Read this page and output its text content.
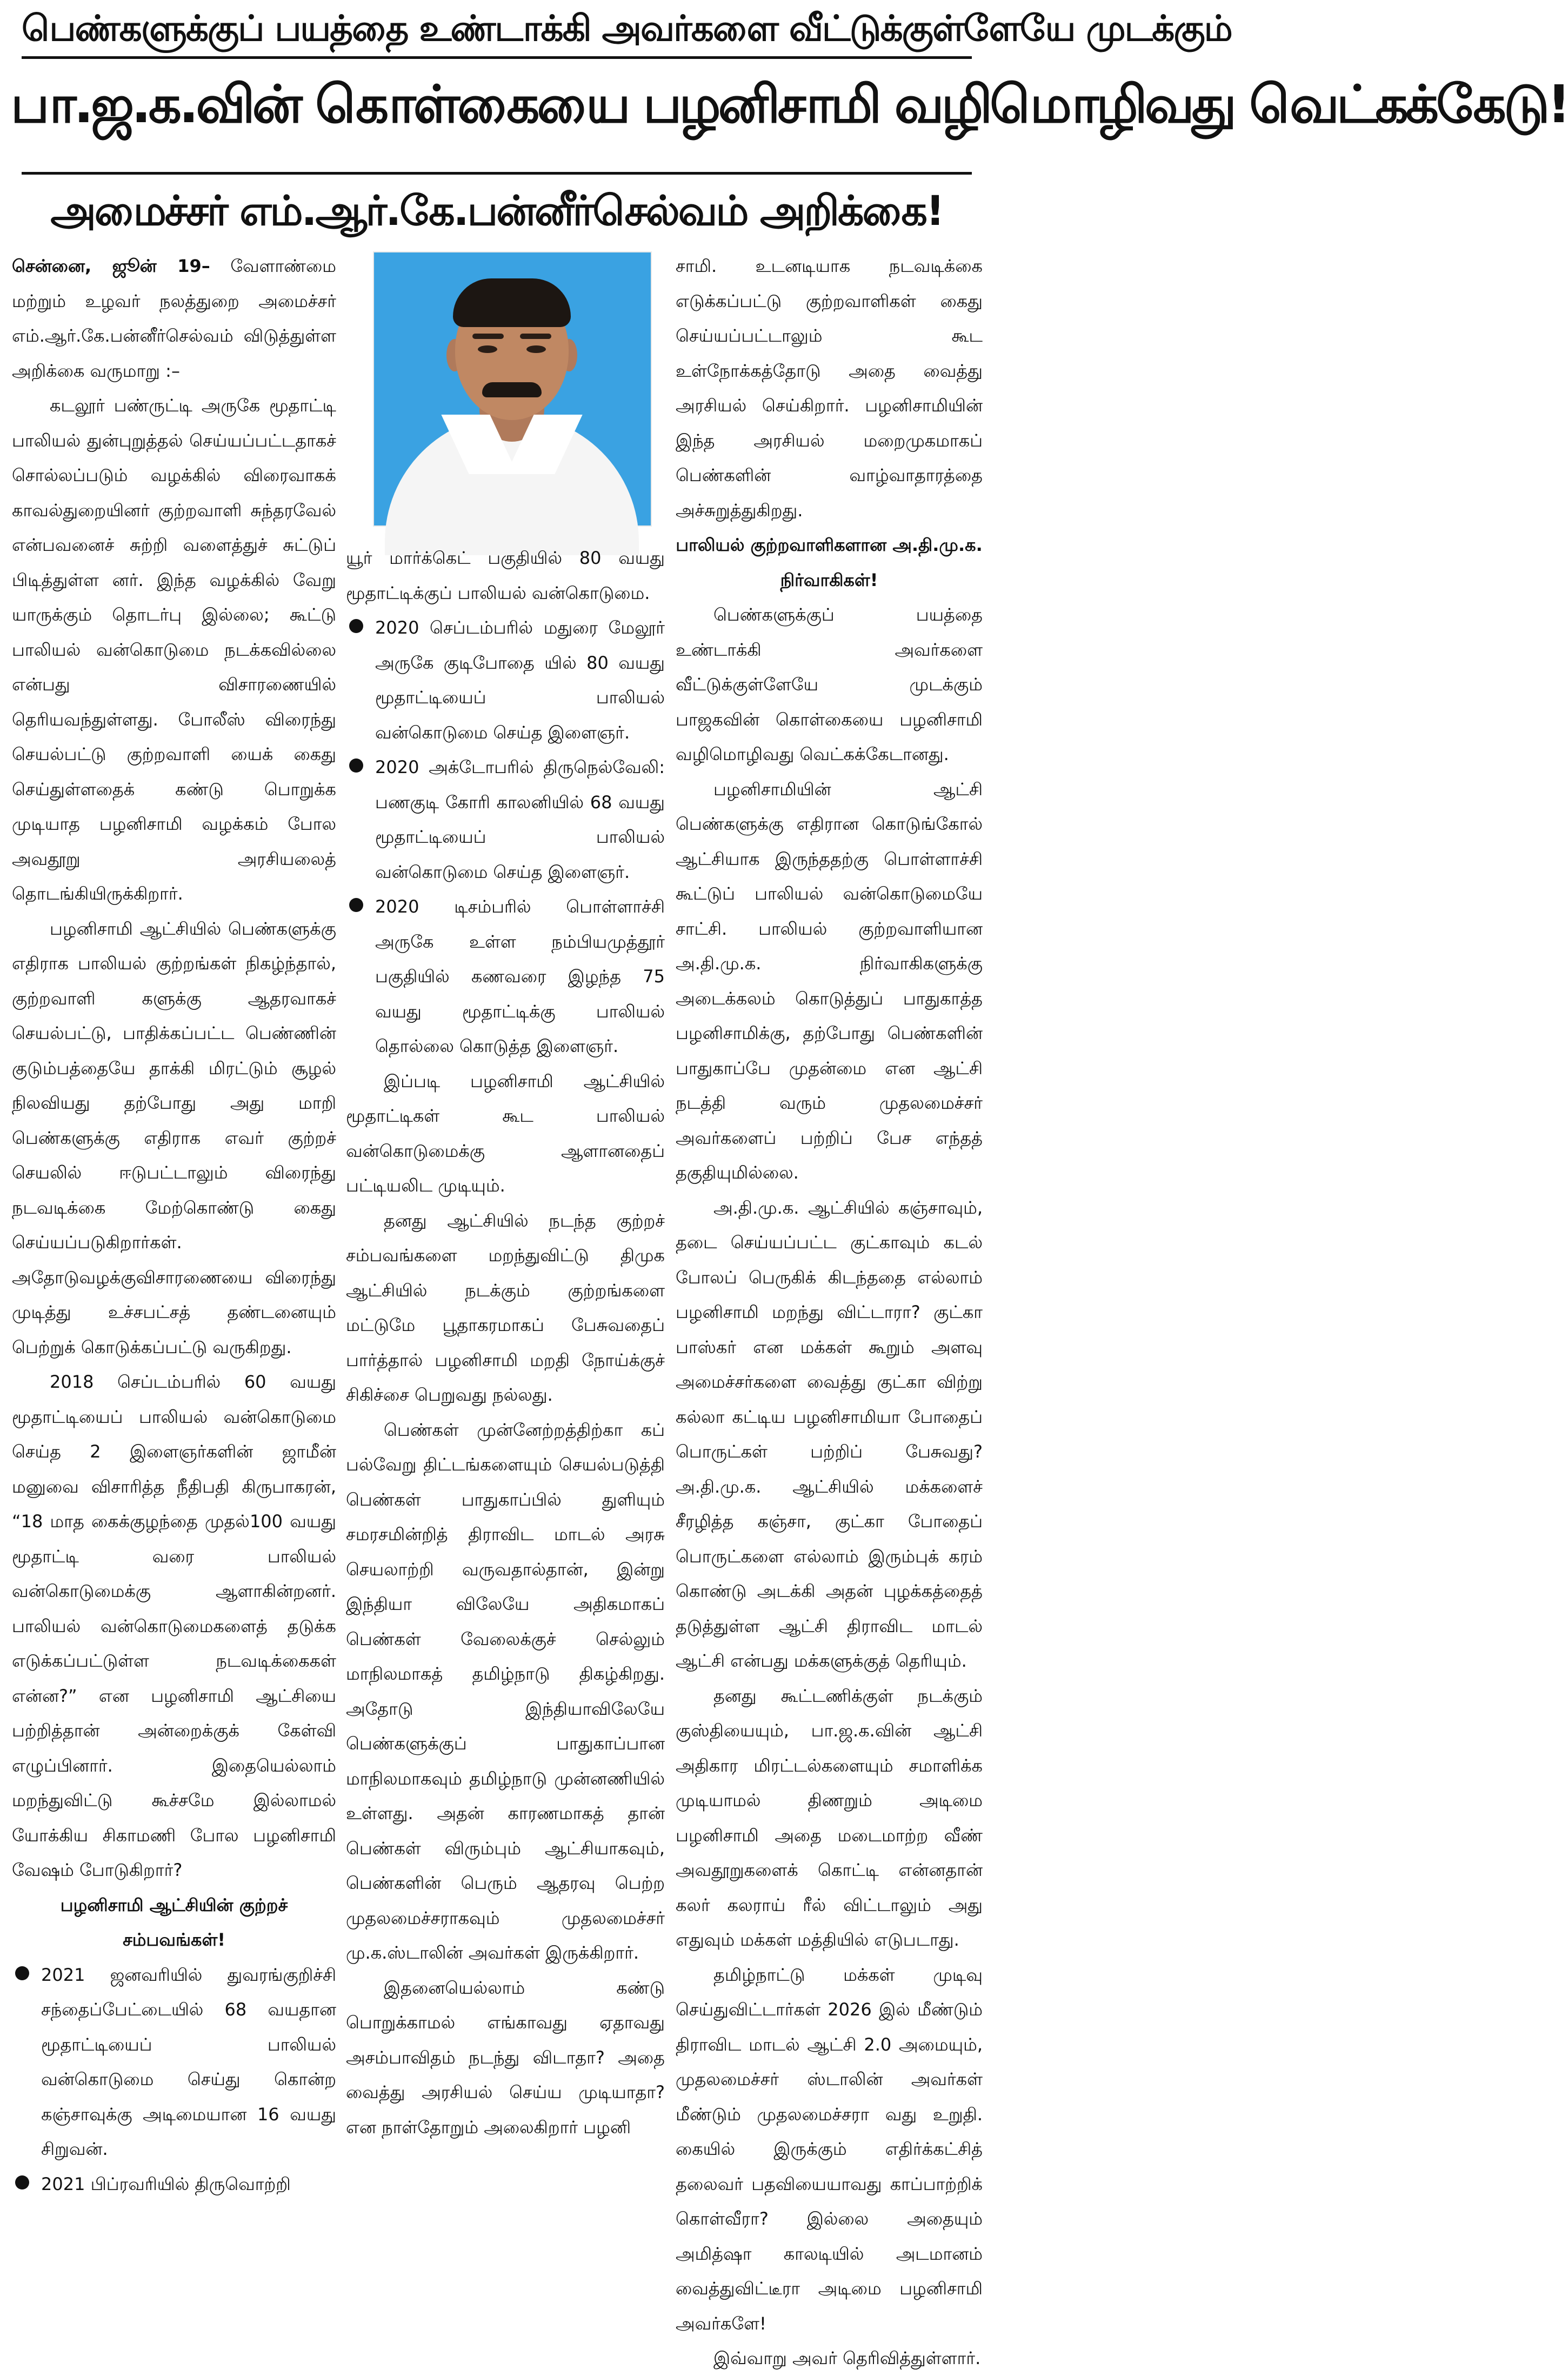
பெண்களுக்குப் பயத்தை உண்டாக்கி அவர்களை வீட்டுக்குள்ளேயே முடக்கும்
பா.ஜ.க.வின் கொள்கையை பழனிசாமி வழிமொழிவது வெட்கக்கேடு!
அமைச்சர் எம்.ஆர்.கே.பன்னீர்செல்வம் அறிக்கை!

சென்னை, ஜூன் 19– வேளாண்மை மற்றும் உழவர் நலத்துறை அமைச்சர் எம்.ஆர்.கே.பன்னீர்செல்வம் விடுத்துள்ள அறிக்கை வருமாறு :–

கடலூர் பண்ருட்டி அருகே மூதாட்டி பாலியல் துன்புறுத்தல் செய்யப்பட்டதாகச் சொல்லப்படும் வழக்கில் விரைவாகக் காவல்துறையினர் குற்றவாளி சுந்தரவேல் என்பவனைச் சுற்றி வளைத்துச் சுட்டுப் பிடித்துள்ள னர். இந்த வழக்கில் வேறு யாருக்கும் தொடர்பு இல்லை; கூட்டு பாலியல் வன்கொடுமை நடக்கவில்லை என்பது விசாரணையில் தெரியவந்துள்ளது. போலீஸ் விரைந்து செயல்பட்டு குற்றவாளி யைக் கைது செய்துள்ளதைக் கண்டு பொறுக்க முடியாத பழனிசாமி வழக்கம் போல அவதூறு அரசியலைத் தொடங்கியிருக்கிறார்.

பழனிசாமி ஆட்சியில் பெண்களுக்கு எதிராக பாலியல் குற்றங்கள் நிகழ்ந்தால், குற்றவாளி களுக்கு ஆதரவாகச் செயல்பட்டு, பாதிக்கப்பட்ட பெண்ணின் குடும்பத்தையே தாக்கி மிரட்டும் சூழல் நிலவியது தற்போது அது மாறி பெண்களுக்கு எதிராக எவர் குற்றச் செயலில் ஈடுபட்டாலும் விரைந்து நடவடிக்கை மேற்கொண்டு கைது செய்யப்படுகிறார்கள். அதோடுவழக்குவிசாரணையை விரைந்து முடித்து உச்சபட்சத் தண்டனையும் பெற்றுக் கொடுக்கப்பட்டு வருகிறது.

2018 செப்டம்பரில் 60 வயது மூதாட்டியைப் பாலியல் வன்கொடுமை செய்த 2 இளைஞர்களின் ஜாமீன் மனுவை விசாரித்த நீதிபதி கிருபாகரன், “18 மாத கைக்குழந்தை முதல்100 வயது மூதாட்டி வரை பாலியல் வன்கொடுமைக்கு ஆளாகின்றனர். பாலியல் வன்கொடுமைகளைத் தடுக்க எடுக்கப்பட்டுள்ள நடவடிக்கைகள் என்ன?” என பழனிசாமி ஆட்சியை பற்றித்தான் அன்றைக்குக் கேள்வி எழுப்பினார். இதையெல்லாம் மறந்துவிட்டு கூச்சமே இல்லாமல் யோக்கிய சிகாமணி போல பழனிசாமி வேஷம் போடுகிறார்?

பழனிசாமி ஆட்சியின் குற்றச் சம்பவங்கள்!
2021 ஜனவரியில் துவரங்குறிச்சி சந்தைப்பேட்டையில் 68 வயதான மூதாட்டியைப் பாலியல் வன்கொடுமை செய்து கொன்ற கஞ்சாவுக்கு அடிமையான 16 வயது சிறுவன்.
2021 பிப்ரவரியில் திருவொற்றி

யூர் மார்க்கெட் பகுதியில் 80 வயது மூதாட்டிக்குப் பாலியல் வன்கொடுமை.

2020 செப்டம்பரில் மதுரை மேலூர் அருகே குடிபோதை யில் 80 வயது மூதாட்டியைப் பாலியல் வன்கொடுமை செய்த இளைஞர்.
2020 அக்டோபரில் திருநெல்வேலி: பணகுடி கோரி காலனியில் 68 வயது மூதாட்டியைப் பாலியல் வன்கொடுமை செய்த இளைஞர்.
2020 டிசம்பரில் பொள்ளாச்சி அருகே உள்ள நம்பியமுத்தூர் பகுதியில் கணவரை இழந்த 75 வயது மூதாட்டிக்கு பாலியல் தொல்லை கொடுத்த இளைஞர்.

இப்படி பழனிசாமி ஆட்சியில் மூதாட்டிகள் கூட பாலியல் வன்கொடுமைக்கு ஆளானதைப் பட்டியலிட முடியும்.

தனது ஆட்சியில் நடந்த குற்றச் சம்பவங்களை மறந்துவிட்டு திமுக ஆட்சியில் நடக்கும் குற்றங்களை மட்டுமே பூதாகரமாகப் பேசுவதைப் பார்த்தால் பழனிசாமி மறதி நோய்க்குச் சிகிச்சை பெறுவது நல்லது.

பெண்கள் முன்னேற்றத்திற்கா கப் பல்வேறு திட்டங்களையும் செயல்படுத்தி பெண்கள் பாதுகாப்பில் துளியும் சமரசமின்றித் திராவிட மாடல் அரசு செயலாற்றி வருவதால்தான், இன்று இந்தியா விலேயே அதிகமாகப் பெண்கள் வேலைக்குச் செல்லும் மாநிலமாகத் தமிழ்நாடு திகழ்கிறது. அதோடு இந்தியாவிலேயே பெண்களுக்குப் பாதுகாப்பான மாநிலமாகவும் தமிழ்நாடு முன்னணியில் உள்ளது. அதன் காரணமாகத் தான் பெண்கள் விரும்பும் ஆட்சியாகவும், பெண்களின் பெரும் ஆதரவு பெற்ற முதலமைச்சராகவும் முதலமைச்சர் மு.க.ஸ்டாலின் அவர்கள் இருக்கிறார்.

இதனையெல்லாம் கண்டு பொறுக்காமல் எங்காவது ஏதாவது அசம்பாவிதம் நடந்து விடாதா? அதை வைத்து அரசியல் செய்ய முடியாதா? என நாள்தோறும் அலைகிறார் பழனி

சாமி. உடனடியாக நடவடிக்கை எடுக்கப்பட்டு குற்றவாளிகள் கைது செய்யப்பட்டாலும் கூட உள்நோக்கத்தோடு அதை வைத்து அரசியல் செய்கிறார். பழனிசாமியின் இந்த அரசியல் மறைமுகமாகப் பெண்களின் வாழ்வாதாரத்தை அச்சுறுத்துகிறது.

பாலியல் குற்றவாளிகளான அ.தி.மு.க. நிர்வாகிகள்!

பெண்களுக்குப் பயத்தை உண்டாக்கி அவர்களை வீட்டுக்குள்ளேயே முடக்கும் பாஜகவின் கொள்கையை பழனிசாமி வழிமொழிவது வெட்கக்கேடானது.

பழனிசாமியின் ஆட்சி பெண்களுக்கு எதிரான கொடுங்கோல் ஆட்சியாக இருந்ததற்கு பொள்ளாச்சி கூட்டுப் பாலியல் வன்கொடுமையே சாட்சி. பாலியல் குற்றவாளியான அ.தி.மு.க. நிர்வாகிகளுக்கு அடைக்கலம் கொடுத்துப் பாதுகாத்த பழனிசாமிக்கு, தற்போது பெண்களின் பாதுகாப்பே முதன்மை என ஆட்சி நடத்தி வரும் முதலமைச்சர் அவர்களைப் பற்றிப் பேச எந்தத் தகுதியுமில்லை.

அ.தி.மு.க. ஆட்சியில் கஞ்சாவும், தடை செய்யப்பட்ட குட்காவும் கடல் போலப் பெருகிக் கிடந்ததை எல்லாம் பழனிசாமி மறந்து விட்டாரா? குட்கா பாஸ்கர் என மக்கள் கூறும் அளவு அமைச்சர்களை வைத்து குட்கா விற்று கல்லா கட்டிய பழனிசாமியா போதைப் பொருட்கள் பற்றிப் பேசுவது? அ.தி.மு.க. ஆட்சியில் மக்களைச் சீரழித்த கஞ்சா, குட்கா போதைப் பொருட்களை எல்லாம் இரும்புக் கரம் கொண்டு அடக்கி அதன் புழக்கத்தைத் தடுத்துள்ள ஆட்சி திராவிட மாடல் ஆட்சி என்பது மக்களுக்குத் தெரியும்.

தனது கூட்டணிக்குள் நடக்கும் குஸ்தியையும், பா.ஜ.க.வின் ஆட்சி அதிகார மிரட்டல்களையும் சமாளிக்க முடியாமல் திணறும் அடிமை பழனிசாமி அதை மடைமாற்ற வீண் அவதூறுகளைக் கொட்டி என்னதான் கலர் கலராய் ரீல் விட்டாலும் அது எதுவும் மக்கள் மத்தியில் எடுபடாது.

தமிழ்நாட்டு மக்கள் முடிவு செய்துவிட்டார்கள் 2026 இல் மீண்டும் திராவிட மாடல் ஆட்சி 2.0 அமையும், முதலமைச்சர் ஸ்டாலின் அவர்கள் மீண்டும் முதலமைச்சரா வது உறுதி. கையில் இருக்கும் எதிர்க்கட்சித் தலைவர் பதவியையாவது காப்பாற்றிக் கொள்வீரா? இல்லை அதையும் அமித்ஷா காலடியில் அடமானம் வைத்துவிட்டீரா அடிமை பழனிசாமி அவர்களே!

இவ்வாறு அவர் தெரிவித்துள்ளார்.
